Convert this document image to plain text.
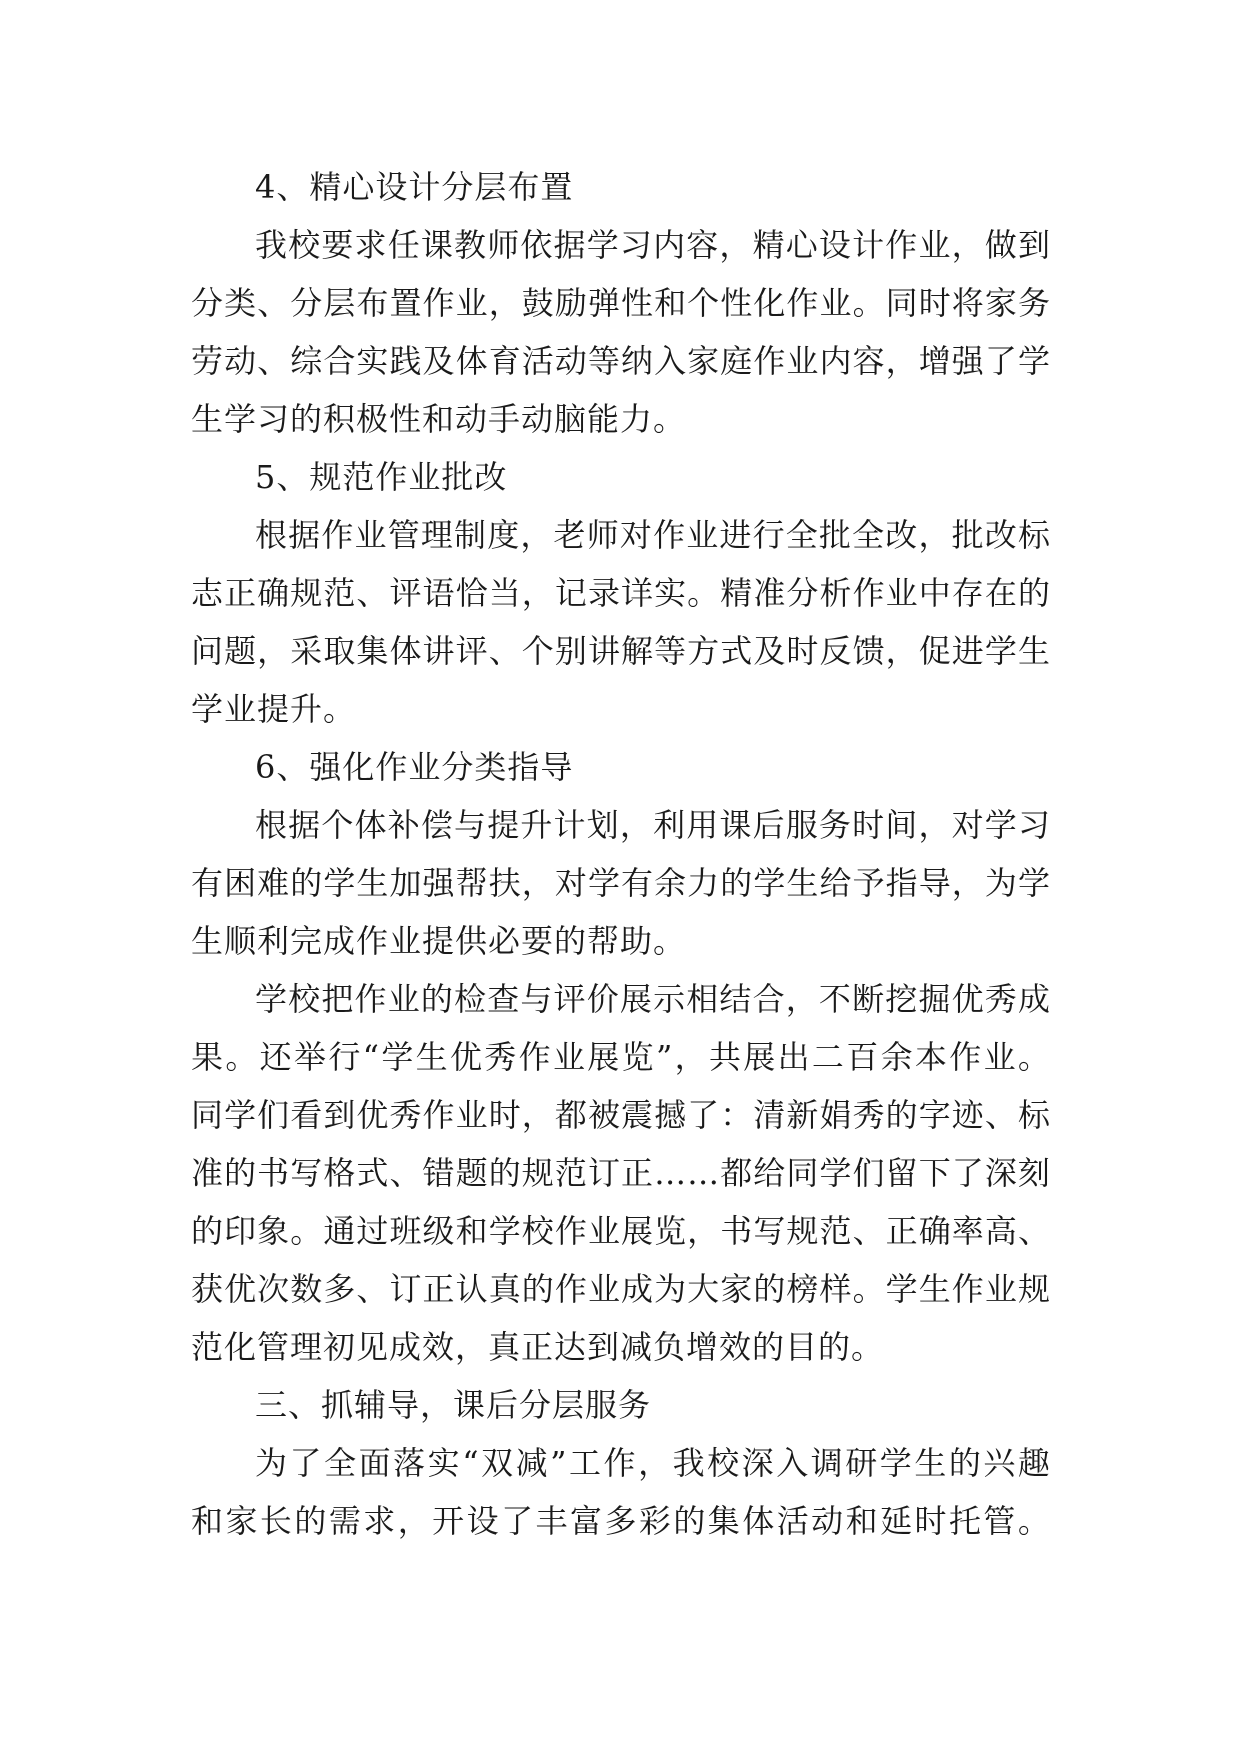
4、精心设计分层布置
我 校 要 求 任 课 教 师 依 据 学 习 内 容 ， 精 心 设 计 作 业 ， 做 到
分 类 、 分 层 布 置 作 业 ， 鼓 励 弹 性 和 个 性 化 作 业 。 同 时 将 家 务
劳 动 、 综 合 实 践 及 体 育 活 动 等 纳 入 家 庭 作 业 内 容 ， 增 强 了 学
生学习的积极性和动手动脑能力。
5、规范作业批改
根 据 作 业 管 理 制 度 ， 老 师 对 作 业 进 行 全 批 全 改 ， 批 改 标
志 正 确 规 范 、 评 语 恰 当 ， 记 录 详 实 。 精 准 分 析 作 业 中 存 在 的
问 题 ， 采 取 集 体 讲 评 、 个 别 讲 解 等 方 式 及 时 反 馈 ， 促 进 学 生
学业提升。
6、强化作业分类指导
根 据 个 体 补 偿 与 提 升 计 划 ， 利 用 课 后 服 务 时 间 ， 对 学 习
有 困 难 的 学 生 加 强 帮 扶 ， 对 学 有 余 力 的 学 生 给 予 指 导 ， 为 学
生顺利完成作业提供必要的帮助。
学 校 把 作 业 的 检 查 与 评 价 展 示 相 结 合 ， 不 断 挖 掘 优 秀 成
果 。 还 举 行 “ 学 生 优 秀 作 业 展 览 ” ， 共 展 出 二 百 余 本 作 业 。
同 学 们 看 到 优 秀 作 业 时 ， 都 被 震 撼 了 ： 清 新 娟 秀 的 字 迹 、 标
准 的 书 写 格 式 、 错 题 的 规 范 订 正 … … 都 给 同 学 们 留 下 了 深 刻
的 印 象 。 通 过 班 级 和 学 校 作 业 展 览 ， 书 写 规 范 、 正 确 率 高 、
获 优 次 数 多 、 订 正 认 真 的 作 业 成 为 大 家 的 榜 样 。 学 生 作 业 规
范化管理初见成效，真正达到减负增效的目的。
三、抓辅导，课后分层服务
为 了 全 面 落 实 “ 双 减 ” 工 作 ， 我 校 深 入 调 研 学 生 的 兴 趣
和 家 长 的 需 求 ， 开 设 了 丰 富 多 彩 的 集 体 活 动 和 延 时 托 管 。
